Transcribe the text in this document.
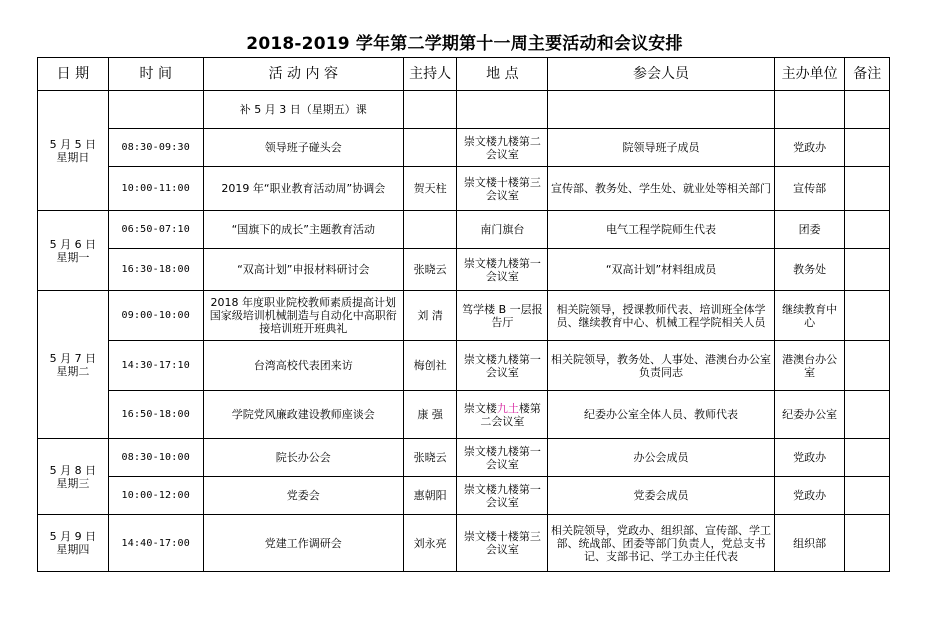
2018-2019 学年第二学期第十一周主要活动和会议安排
日 期	时 间	活 动 内 容	主持人	地 点	参会人员	主办单位	备注

5 月 5 日
星期日		补 5 月 3 日（星期五）课					
	08:30-09:30	领导班子碰头会		崇文楼九楼第二会议室	院领导班子成员	党政办	
	10:00-11:00	2019 年“职业教育活动周”协调会	贺天柱	崇文楼十楼第三会议室	宣传部、教务处、学生处、就业处等相关部门	宣传部	

5 月 6 日
星期一	06:50-07:10	“国旗下的成长”主题教育活动		南门旗台	电气工程学院师生代表	团委	
	16:30-18:00	“双高计划”申报材料研讨会	张晓云	崇文楼九楼第一会议室	“双高计划”材料组成员	教务处	

5 月 7 日
星期二	09:00-10:00	2018 年度职业院校教师素质提高计划国家级培训机械制造与自动化中高职衔接培训班开班典礼	刘 清	笃学楼 B 一层报告厅	相关院领导，授课教师代表、培训班全体学员、继续教育中心、机械工程学院相关人员	继续教育中心	
	14:30-17:10	台湾高校代表团来访	梅创社	崇文楼九楼第一会议室	相关院领导，教务处、人事处、港澳台办公室负责同志	港澳台办公室	
	16:50-18:00	学院党风廉政建设教师座谈会	康 强	崇文楼九土楼第二会议室	纪委办公室全体人员、教师代表	纪委办公室	

5 月 8 日
星期三	08:30-10:00	院长办公会	张晓云	崇文楼九楼第一会议室	办公会成员	党政办	
	10:00-12:00	党委会	惠朝阳	崇文楼九楼第一会议室	党委会成员	党政办	

5 月 9 日
星期四	14:40-17:00	党建工作调研会	刘永亮	崇文楼十楼第三会议室	相关院领导，党政办、组织部、宣传部、学工部、统战部、团委等部门负责人，党总支书记、支部书记、学工办主任代表	组织部	
